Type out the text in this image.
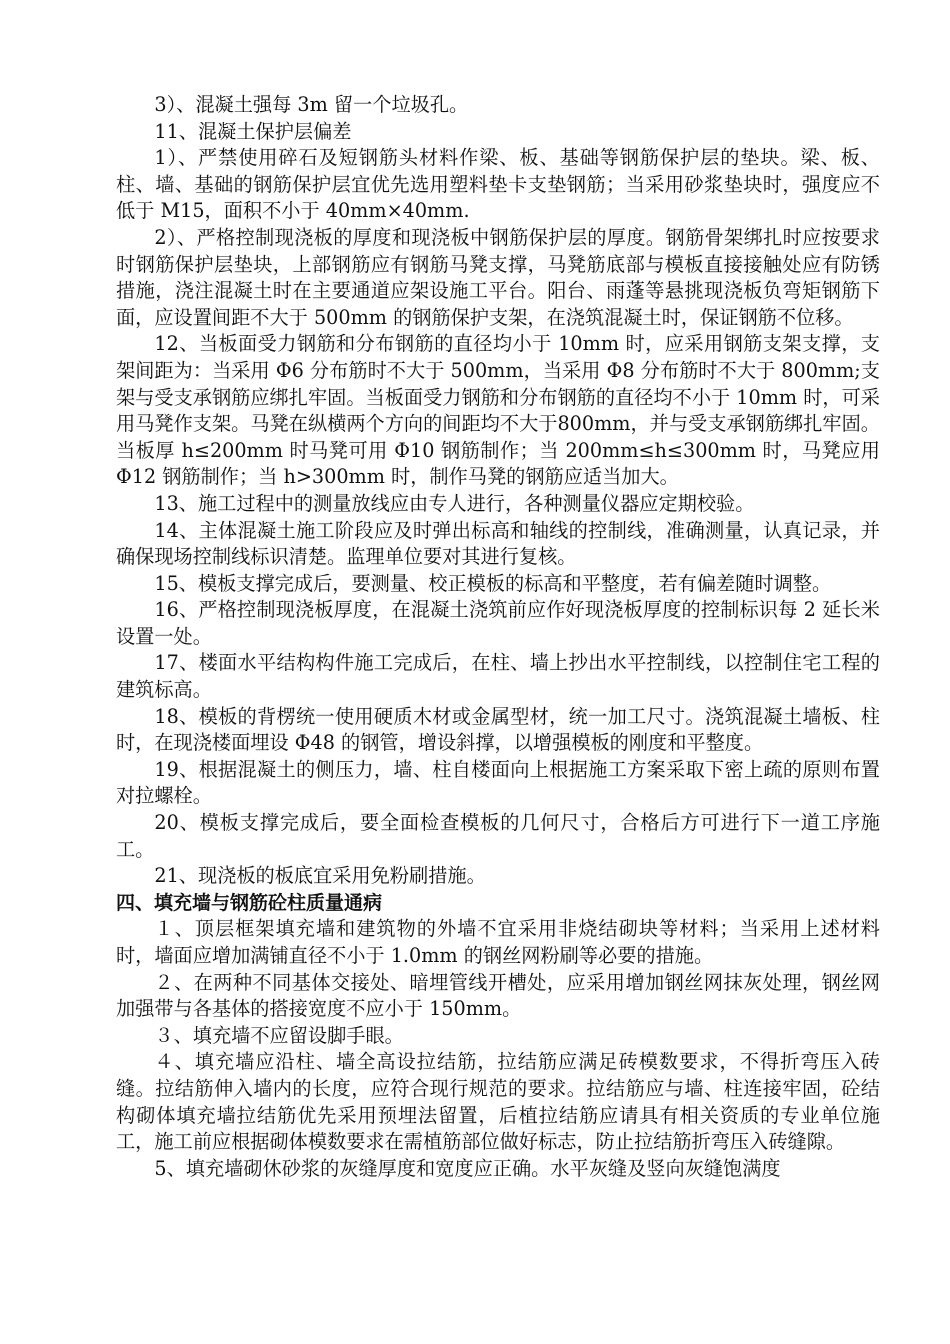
3）、混凝土强每 3m 留一个垃圾孔。

11、混凝土保护层偏差

1）、严禁使用碎石及短钢筋头材料作梁、板、基础等钢筋保护层的垫块。梁、板、柱、墙、基础的钢筋保护层宜优先选用塑料垫卡支垫钢筋；当采用砂浆垫块时，强度应不低于 M15，面积不小于 40mm×40mm.

2）、严格控制现浇板的厚度和现浇板中钢筋保护层的厚度。钢筋骨架绑扎时应按要求时钢筋保护层垫块，上部钢筋应有钢筋马凳支撑，马凳筋底部与模板直接接触处应有防锈措施，浇注混凝土时在主要通道应架设施工平台。阳台、雨蓬等悬挑现浇板负弯矩钢筋下面，应设置间距不大于 500mm 的钢筋保护支架，在浇筑混凝土时，保证钢筋不位移。

12、当板面受力钢筋和分布钢筋的直径均小于 10mm 时，应采用钢筋支架支撑，支架间距为：当采用 Φ6 分布筋时不大于 500mm，当采用 Φ8 分布筋时不大于 800mm;支架与受支承钢筋应绑扎牢固。当板面受力钢筋和分布钢筋的直径均不小于 10mm 时，可采用马凳作支架。马凳在纵横两个方向的间距均不大于800mm，并与受支承钢筋绑扎牢固。当板厚 h≤200mm 时马凳可用 Φ10 钢筋制作；当 200mm≤h≤300mm 时，马凳应用 Φ12 钢筋制作；当 h>300mm 时，制作马凳的钢筋应适当加大。

13、施工过程中的测量放线应由专人进行，各种测量仪器应定期校验。

14、主体混凝土施工阶段应及时弹出标高和轴线的控制线，准确测量，认真记录，并确保现场控制线标识清楚。监理单位要对其进行复核。

15、模板支撑完成后，要测量、校正模板的标高和平整度，若有偏差随时调整。

16、严格控制现浇板厚度，在混凝土浇筑前应作好现浇板厚度的控制标识每 2 延长米设置一处。

17、楼面水平结构构件施工完成后，在柱、墙上抄出水平控制线，以控制住宅工程的建筑标高。

18、模板的背楞统一使用硬质木材或金属型材，统一加工尺寸。浇筑混凝土墙板、柱时，在现浇楼面埋设 Φ48 的钢管，增设斜撑，以增强模板的刚度和平整度。

19、根据混凝土的侧压力，墙、柱自楼面向上根据施工方案采取下密上疏的原则布置对拉螺栓。

20、模板支撑完成后，要全面检查模板的几何尺寸，合格后方可进行下一道工序施工。

21、现浇板的板底宜采用免粉刷措施。

四、填充墙与钢筋砼柱质量通病

１、顶层框架填充墙和建筑物的外墙不宜采用非烧结砌块等材料；当采用上述材料时，墙面应增加满铺直径不小于 1.0mm 的钢丝网粉刷等必要的措施。

２、在两种不同基体交接处、暗埋管线开槽处，应采用增加钢丝网抹灰处理，钢丝网加强带与各基体的搭接宽度不应小于 150mm。

３、填充墙不应留设脚手眼。

４、填充墙应沿柱、墙全高设拉结筋，拉结筋应满足砖模数要求，不得折弯压入砖缝。拉结筋伸入墙内的长度，应符合现行规范的要求。拉结筋应与墙、柱连接牢固，砼结构砌体填充墙拉结筋优先采用预埋法留置，后植拉结筋应请具有相关资质的专业单位施工，施工前应根据砌体模数要求在需植筋部位做好标志，防止拉结筋折弯压入砖缝隙。

5、填充墙砌休砂浆的灰缝厚度和宽度应正确。水平灰缝及竖向灰缝饱满度
